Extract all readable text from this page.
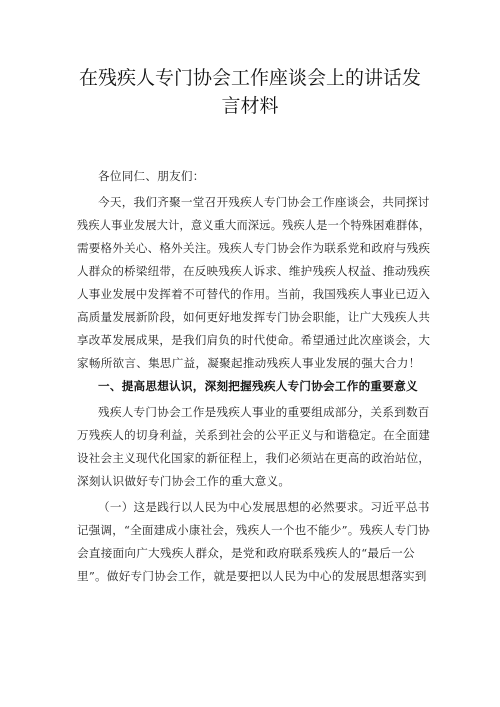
在残疾人专门协会工作座谈会上的讲话发
言材料
各位同仁、朋友们：
今天，我们齐聚一堂召开残疾人专门协会工作座谈会，共同探讨
残疾人事业发展大计，意义重大而深远。残疾人是一个特殊困难群体，
需要格外关心、格外关注。残疾人专门协会作为联系党和政府与残疾
人群众的桥梁纽带，在反映残疾人诉求、维护残疾人权益、推动残疾
人事业发展中发挥着不可替代的作用。当前，我国残疾人事业已迈入
高质量发展新阶段，如何更好地发挥专门协会职能，让广大残疾人共
享改革发展成果，是我们肩负的时代使命。希望通过此次座谈会，大
家畅所欲言、集思广益，凝聚起推动残疾人事业发展的强大合力！
一、提高思想认识，深刻把握残疾人专门协会工作的重要意义
残疾人专门协会工作是残疾人事业的重要组成部分，关系到数百
万残疾人的切身利益，关系到社会的公平正义与和谐稳定。在全面建
设社会主义现代化国家的新征程上，我们必须站在更高的政治站位，
深刻认识做好专门协会工作的重大意义。
（一）这是践行以人民为中心发展思想的必然要求。习近平总书
记强调，“全面建成小康社会，残疾人一个也不能少”。残疾人专门协
会直接面向广大残疾人群众，是党和政府联系残疾人的“最后一公
里”。做好专门协会工作，就是要把以人民为中心的发展思想落实到
